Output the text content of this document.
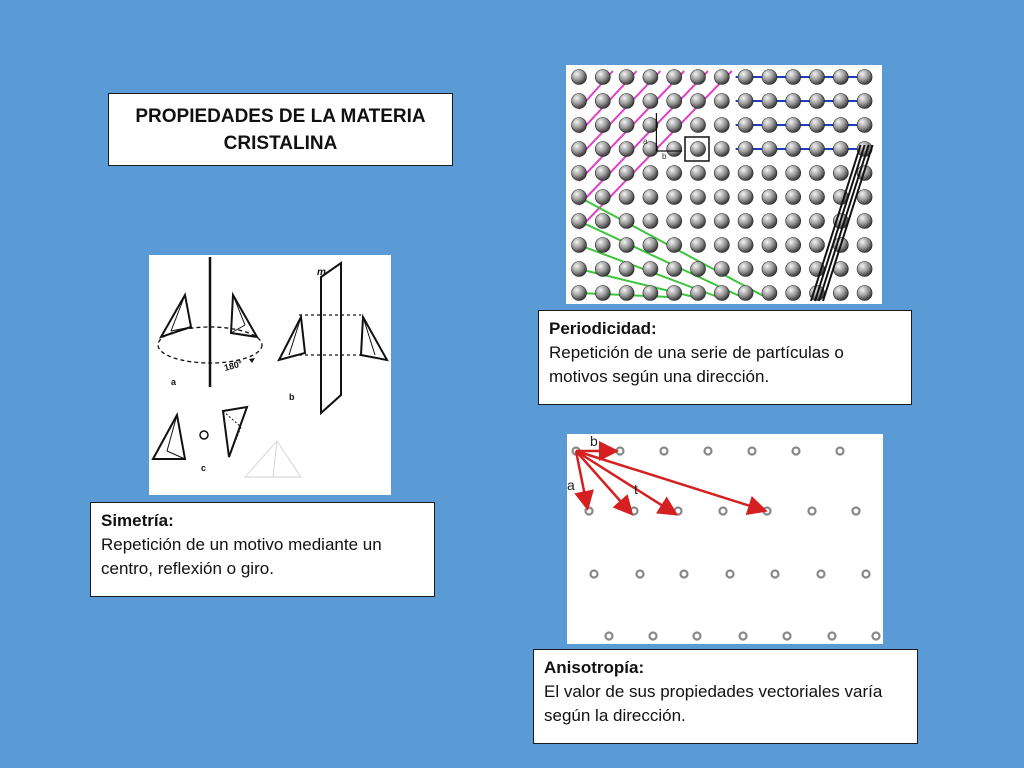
PROPIEDADES DE LA MATERIA CRISTALINA	a
b
Periodicidad:
Repetición de una serie de partículas o motivos según una dirección.
180°
a
m
b
c
Simetría:
Repetición de un motivo mediante un centro, reflexión o giro.
b
a	t
Anisotropía:
El valor de sus propiedades vectoriales varía según la dirección.
